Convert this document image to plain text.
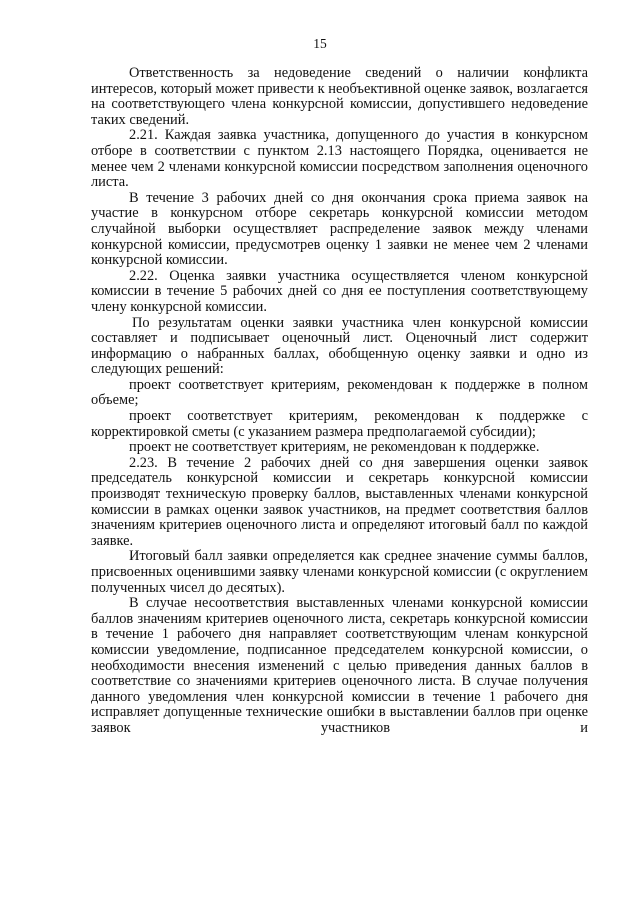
15

Ответственность за недоведение сведений о наличии конфликта интересов, который может привести к необъективной оценке заявок, возлагается на соответствующего члена конкурсной комиссии, допустившего недоведение таких сведений.

2.21. Каждая заявка участника, допущенного до участия в конкурсном отборе в соответствии с пунктом 2.13 настоящего Порядка, оценивается не менее чем 2 членами конкурсной комиссии посредством заполнения оценочного листа.

В течение 3 рабочих дней со дня окончания срока приема заявок на участие в конкурсном отборе секретарь конкурсной комиссии методом случайной выборки осуществляет распределение заявок между членами конкурсной комиссии, предусмотрев оценку 1 заявки не менее чем 2 членами конкурсной комиссии.

2.22. Оценка заявки участника осуществляется членом конкурсной комиссии в течение 5 рабочих дней со дня ее поступления соответствующему члену конкурсной комиссии.

По результатам оценки заявки участника член конкурсной комиссии составляет и подписывает оценочный лист. Оценочный лист содержит информацию о набранных баллах, обобщенную оценку заявки и одно из следующих решений:

проект соответствует критериям, рекомендован к поддержке в полном объеме;

проект соответствует критериям, рекомендован к поддержке с корректировкой сметы (с указанием размера предполагаемой субсидии);

проект не соответствует критериям, не рекомендован к поддержке.

2.23. В течение 2 рабочих дней со дня завершения оценки заявок председатель конкурсной комиссии и секретарь конкурсной комиссии производят техническую проверку баллов, выставленных членами конкурсной комиссии в рамках оценки заявок участников, на предмет соответствия баллов значениям критериев оценочного листа и определяют итоговый балл по каждой заявке.

Итоговый балл заявки определяется как среднее значение суммы баллов, присвоенных оценившими заявку членами конкурсной комиссии (с округлением полученных чисел до десятых).

В случае несоответствия выставленных членами конкурсной комиссии баллов значениям критериев оценочного листа, секретарь конкурсной комиссии в течение 1 рабочего дня направляет соответствующим членам конкурсной комиссии уведомление, подписанное председателем конкурсной комиссии, о необходимости внесения изменений с целью приведения данных баллов в соответствие со значениями критериев оценочного листа. В случае получения данного уведомления член конкурсной комиссии в течение 1 рабочего дня исправляет допущенные технические ошибки в выставлении баллов при оценке заявок участников и
